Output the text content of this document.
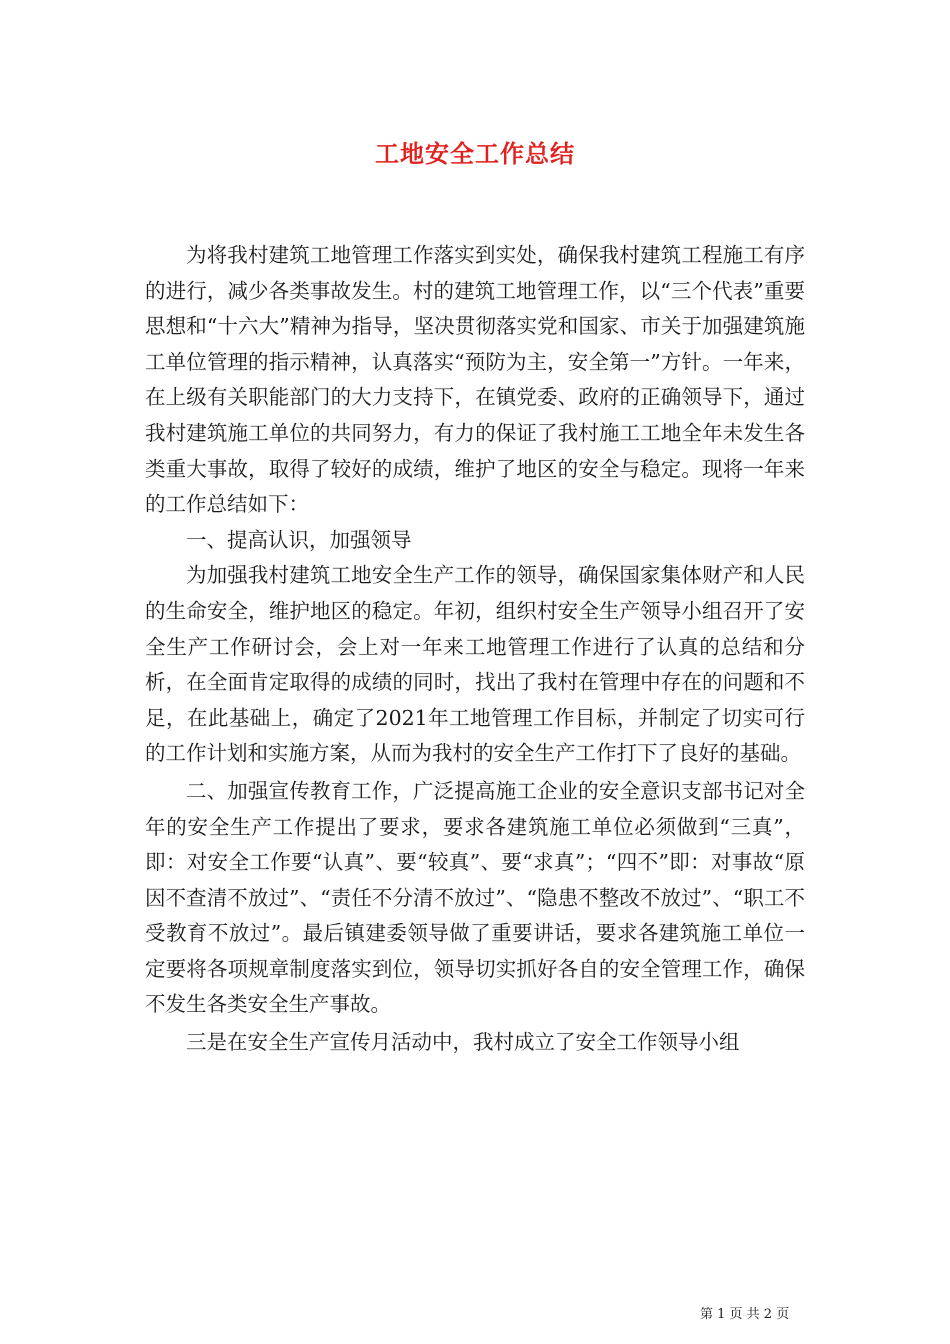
工地安全工作总结

为将我村建筑工地管理工作落实到实处，确保我村建筑工程施工有序的进行，减少各类事故发生。村的建筑工地管理工作，以“三个代表”重要思想和“十六大”精神为指导，坚决贯彻落实党和国家、市关于加强建筑施工单位管理的指示精神，认真落实“预防为主，安全第一”方针。一年来，在上级有关职能部门的大力支持下，在镇党委、政府的正确领导下，通过我村建筑施工单位的共同努力，有力的保证了我村施工工地全年未发生各类重大事故，取得了较好的成绩，维护了地区的安全与稳定。现将一年来的工作总结如下：

一、提高认识，加强领导

为加强我村建筑工地安全生产工作的领导，确保国家集体财产和人民的生命安全，维护地区的稳定。年初，组织村安全生产领导小组召开了安全生产工作研讨会，会上对一年来工地管理工作进行了认真的总结和分析，在全面肯定取得的成绩的同时，找出了我村在管理中存在的问题和不足，在此基础上，确定了2021年工地管理工作目标，并制定了切实可行的工作计划和实施方案，从而为我村的安全生产工作打下了良好的基础。

二、加强宣传教育工作，广泛提高施工企业的安全意识支部书记对全年的安全生产工作提出了要求，要求各建筑施工单位必须做到“三真”，即：对安全工作要“认真”、要“较真”、要“求真”；“四不”即：对事故“原因不查清不放过”、“责任不分清不放过”、“隐患不整改不放过”、“职工不受教育不放过”。最后镇建委领导做了重要讲话，要求各建筑施工单位一定要将各项规章制度落实到位，领导切实抓好各自的安全管理工作，确保不发生各类安全生产事故。

三是在安全生产宣传月活动中，我村成立了安全工作领导小组

第 1 页 共 2 页
